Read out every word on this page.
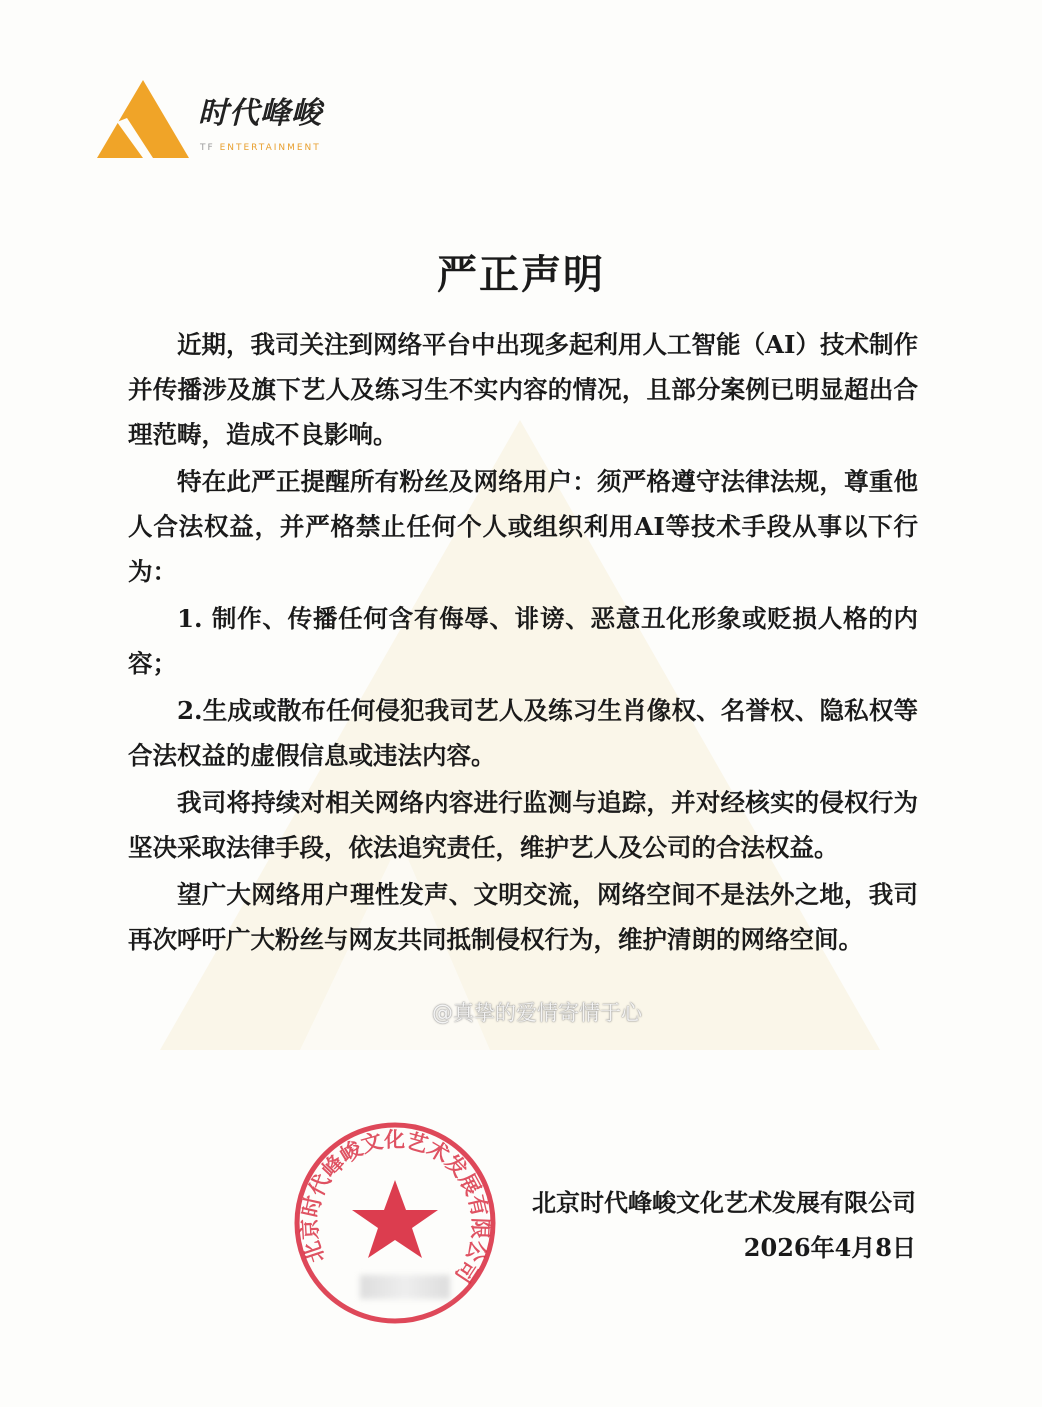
时代峰峻
TF ENTERTAINMENT
严正声明

近期，我司关注到网络平台中出现多起利用人工智能（AI）技术制作并传播涉及旗下艺人及练习生不实内容的情况，且部分案例已明显超出合理范畴，造成不良影响。

特在此严正提醒所有粉丝及网络用户：须严格遵守法律法规，尊重他人合法权益，并严格禁止任何个人或组织利用AI等技术手段从事以下行为：

1. 制作、传播任何含有侮辱、诽谤、恶意丑化形象或贬损人格的内容；

2.生成或散布任何侵犯我司艺人及练习生肖像权、名誉权、隐私权等合法权益的虚假信息或违法内容。

我司将持续对相关网络内容进行监测与追踪，并对经核实的侵权行为坚决采取法律手段，依法追究责任，维护艺人及公司的合法权益。

望广大网络用户理性发声、文明交流，网络空间不是法外之地，我司再次呼吁广大粉丝与网友共同抵制侵权行为，维护清朗的网络空间。

@真挚的爱情寄情于心
北京时代峰峻文化艺术发展有限公司
北京时代峰峻文化艺术发展有限公司
2026年4月8日
